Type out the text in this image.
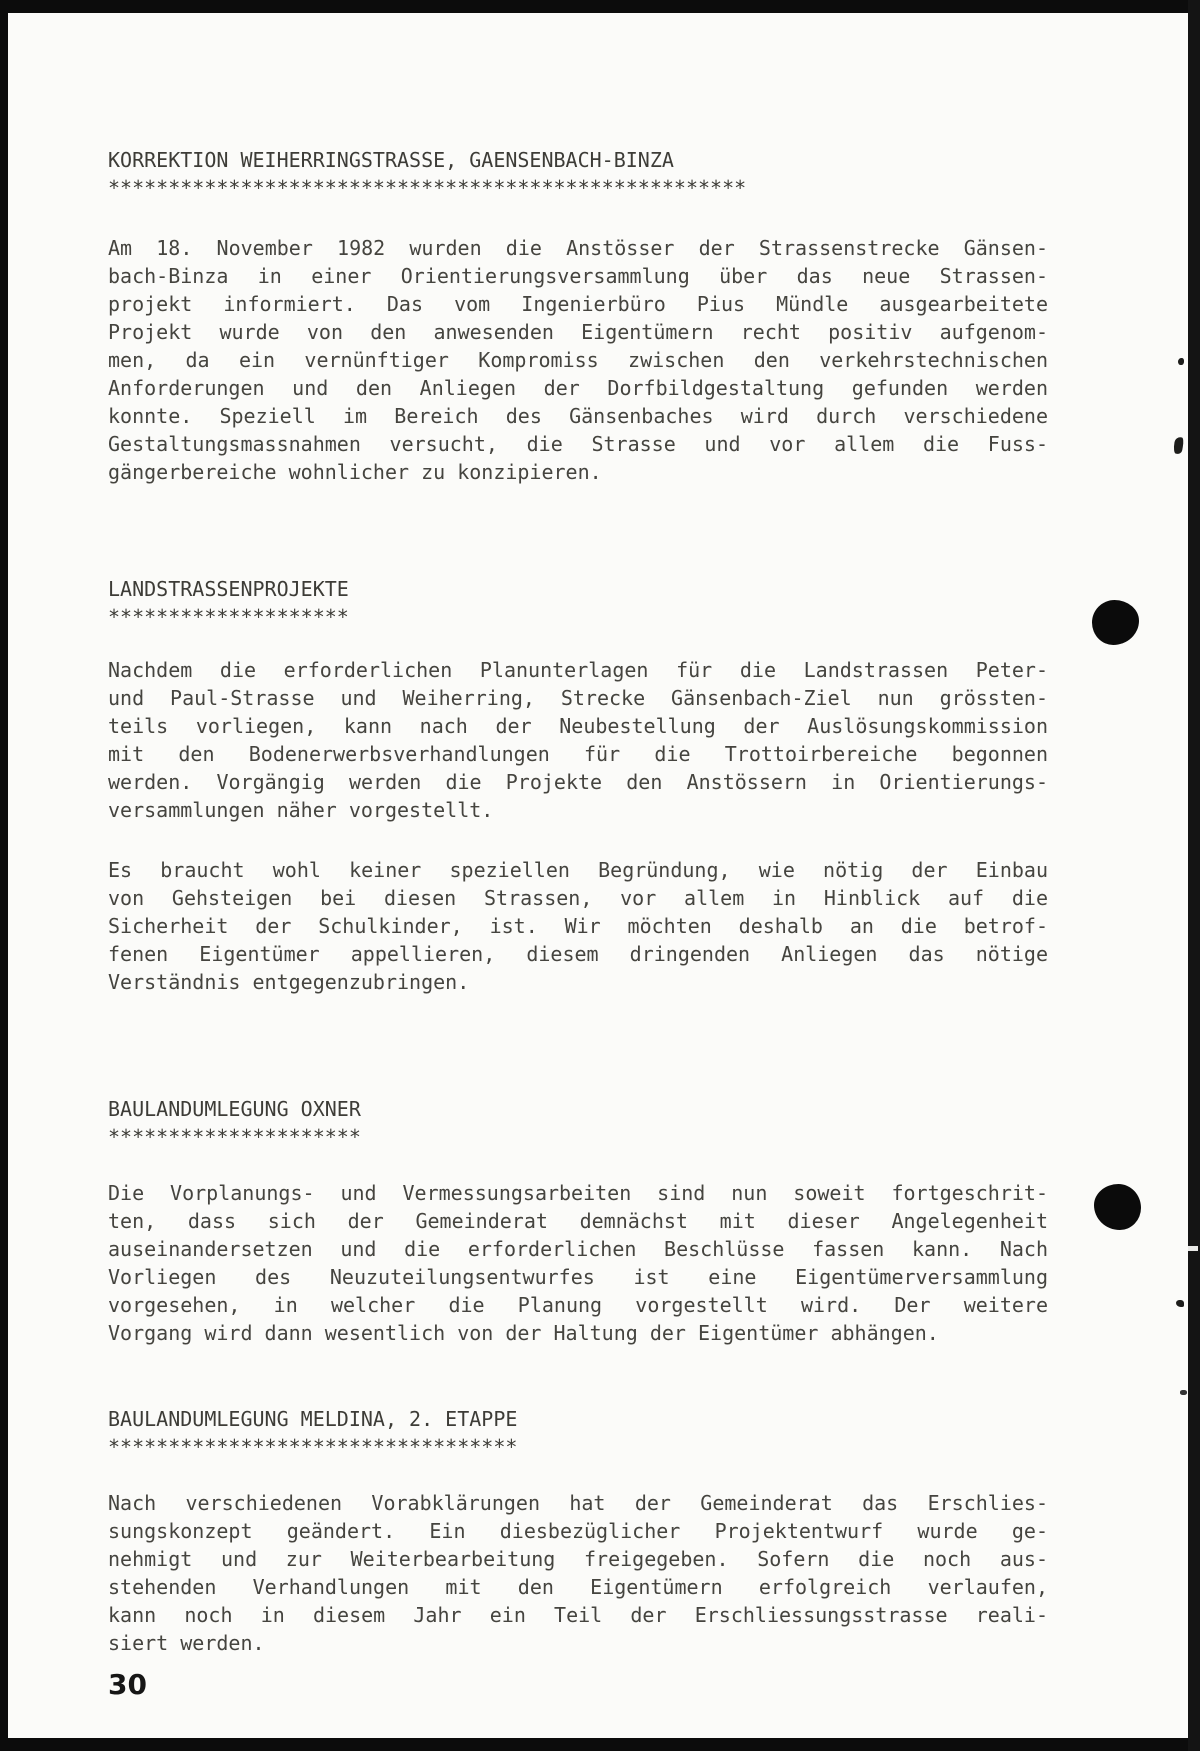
KORREKTION WEIHERRINGSTRASSE, GAENSENBACH-BINZA
*****************************************************
Am 18. November 1982 wurden die Anstösser der Strassenstrecke Gänsen-
bach-Binza in einer Orientierungsversammlung über das neue Strassen-
projekt informiert. Das vom Ingenierbüro Pius Mündle ausgearbeitete
Projekt wurde von den anwesenden Eigentümern recht positiv aufgenom-
men, da ein vernünftiger Kompromiss zwischen den verkehrstechnischen
Anforderungen und den Anliegen der Dorfbildgestaltung gefunden werden
konnte. Speziell im Bereich des Gänsenbaches wird durch verschiedene
Gestaltungsmassnahmen versucht, die Strasse und vor allem die Fuss-
gängerbereiche wohnlicher zu konzipieren.
LANDSTRASSENPROJEKTE
********************
Nachdem die erforderlichen Planunterlagen für die Landstrassen Peter-
und Paul-Strasse und Weiherring, Strecke Gänsenbach-Ziel nun grössten-
teils vorliegen, kann nach der Neubestellung der Auslösungskommission
mit den Bodenerwerbsverhandlungen für die Trottoirbereiche begonnen
werden. Vorgängig werden die Projekte den Anstössern in Orientierungs-
versammlungen näher vorgestellt.
Es braucht wohl keiner speziellen Begründung, wie nötig der Einbau
von Gehsteigen bei diesen Strassen, vor allem in Hinblick auf die
Sicherheit der Schulkinder, ist. Wir möchten deshalb an die betrof-
fenen Eigentümer appellieren, diesem dringenden Anliegen das nötige
Verständnis entgegenzubringen.
BAULANDUMLEGUNG OXNER
*********************
Die Vorplanungs- und Vermessungsarbeiten sind nun soweit fortgeschrit-
ten, dass sich der Gemeinderat demnächst mit dieser Angelegenheit
auseinandersetzen und die erforderlichen Beschlüsse fassen kann. Nach
Vorliegen des Neuzuteilungsentwurfes ist eine Eigentümerversammlung
vorgesehen, in welcher die Planung vorgestellt wird. Der weitere
Vorgang wird dann wesentlich von der Haltung der Eigentümer abhängen.
BAULANDUMLEGUNG MELDINA, 2. ETAPPE
**********************************
Nach verschiedenen Vorabklärungen hat der Gemeinderat das Erschlies-
sungskonzept geändert. Ein diesbezüglicher Projektentwurf wurde ge-
nehmigt und zur Weiterbearbeitung freigegeben. Sofern die noch aus-
stehenden Verhandlungen mit den Eigentümern erfolgreich verlaufen,
kann noch in diesem Jahr ein Teil der Erschliessungsstrasse reali-
siert werden.
30
